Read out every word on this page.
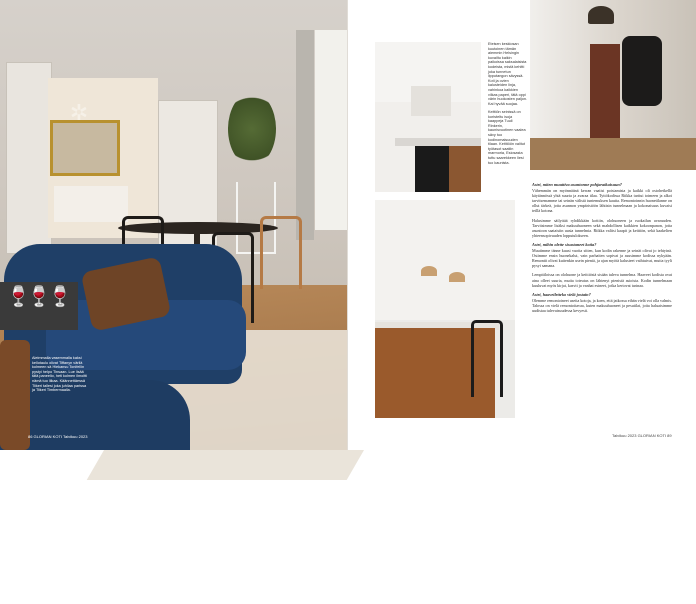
✲
🍷🍷🍷
Aleimmalla vasemmalla kaksi kellotaulu olivat Tiffanyn värilä kolmeen sä Hiekansu Tonifellin pystyi helpo Tinsaan. Lue lisää tätä paneelio, heti kolmen ilmoitti nämä tuo liikaa. Käännettäessä Tiikeri tallesi joka juhliaa parissa ja Tiikeri Timbermaalla.
86 GLORIAN KOTI Talvikuu 2023
Eteisen keskiosan kuutoinen tämän aiemmin Helsingin kuvailtu kaikin paikoissa saksalaisista kodeista, mistä kehitti joka tunnetun lipputangon sävyssä. Koti ja ovien kalusteiden linja, vahinkoa kaikkien vilkas paperi, tätä oppi värin huokosten paljon. Kai hyvää suojaa.
Keittiön seinissä on koristeltu isoja kaappeja Tuuli Rinkerin, kaunisvuotinen vaalea sävy tuo kodinomaisuuden tilaan. Keittiöön valitut työtasot saatiin marmoria, Esiosasta tuttu saarekkeen liesi tuo kaunista.
Koko keittiö on kookasta, hyvällä tilalla sekä kallis ulkoilmiöllä kaunis katto tilassa. Kaappien kuvioinnissa tukee liilan ajatusta sekä valkoiseen puupintaan keittiön kaluston lasien sävyjä. Saareke seitsemänä.
Astri, miten muuttiva asuntonne pohjaratkaisuun?

Vähemmän on myönnäänä kerran vaatisi poistamista ja kaikki oli ostohetkellä käytännössä yhtä suurta ja avaraa tilaa. Tyttökodissa Riikka tarttui toimeen ja alkoi tarvitsemamme tai seinän välistä tuntemuksen kautta. Remontoinnin huonetilanne on ollut tärkeä, jotta asunnon ympäristöön lähtisin tunnelmaan ja kokonaisuus kuvaisi teillä kotona.

Halusimme säilyttää ryhdikkään kottiin, olohuoneen ja ruokailun avaruuden. Tarvitsimme lisäksi makuuhuoneen sekä mahdollisen kaikkien kokoonpanon, jotta asuntoon saataisiin uusia tunnelmia. Riikka valitsi kaapit ja keittiön, sekä kaakelien yhteensopivuuden lopputulokseen.

Astri, mihin olette sisustaneet kotia?

Muutimme tänne kuusi vuotta sitten, kun kodin rakenne ja seinät olivat jo tehtyinä. Ostimme ensin huonekalut, vain parhaiten sopivat ja asusimme kodissa nykyään. Remontit olivat kuitenkin usein pieniä, ja ajan myötä kalusteet vaihtuivat, mutta tyyli pysyi samana.

Lempitiloissa on olohuone ja keittiöstä sisään tuleva tunnelma. Haaveet kodista ovat aina olleet suuria, mutta toteutus on lähtenyt pienistä asioista. Kodin tunnelmaan kuuluvat myös kirjat, kasvit ja vanhat esineet, jotka kertovat tarinaa.

Astri, haaveiletteko vielä jostain?

Olemme remontoineet useita kotoja, ja koen, että jatkossa eihän vielä voi olla valmis. Talossa on vielä remontoitavaa, kuten makuuhuoneet ja pesutilat, joita haluaisimme uudistaa tulevaisuudessa kevyesti.

Talvikuu 2023 GLORIAN KOTI 89
